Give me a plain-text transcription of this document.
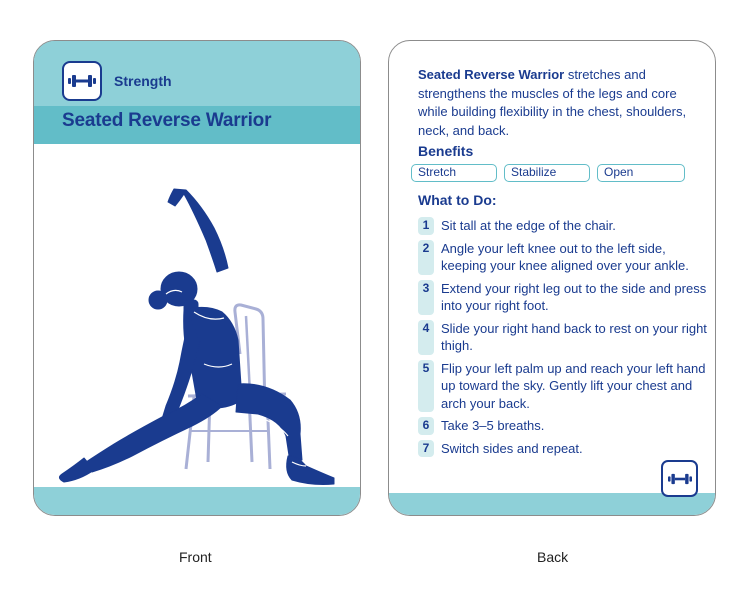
Strength
Seated Reverse Warrior

Seated Reverse Warrior stretches and strengthens the muscles of the legs and core while building flexibility in the chest, shoulders, neck, and back.

Benefits
Stretch	Stabilize	Open
What to Do:
1 Sit tall at the edge of the chair.
2 Angle your left knee out to the left side, keeping your knee aligned over your ankle.
3 Extend your right leg out to the side and press into your right foot.
4 Slide your right hand back to rest on your right thigh.
5 Flip your left palm up and reach your left hand up toward the sky. Gently lift your chest and arch your back.
6 Take 3–5 breaths.
7 Switch sides and repeat.
Front	Back
